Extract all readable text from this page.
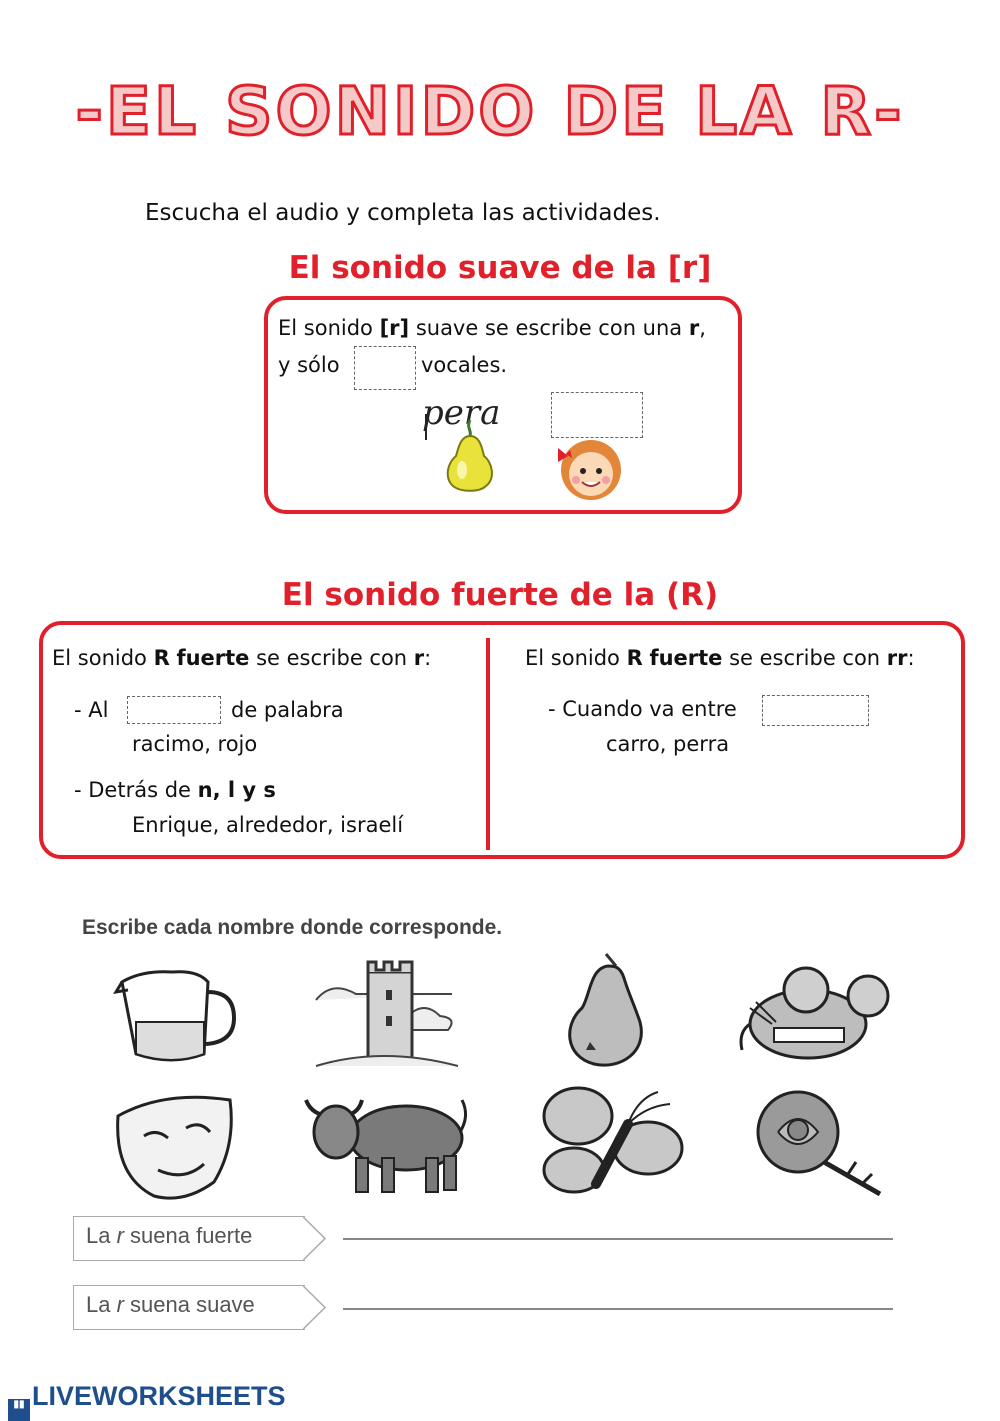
-EL SONIDO DE LA R-
Escucha el audio y completa las actividades.
El sonido suave de la [r]
El sonido [r] suave se escribe con una r,
y sólo	vocales.
pera
El sonido fuerte de la (R)
El sonido R fuerte se escribe con r:
- Al	de palabra
racimo, rojo
- Detrás de n, l y s
Enrique, alrededor, israelí
El sonido R fuerte se escribe con rr:
- Cuando va entre
carro, perra
Escribe cada nombre donde corresponde.
La r suena fuerte
La r suena suave
▮▮ LIVEWORKSHEETS
